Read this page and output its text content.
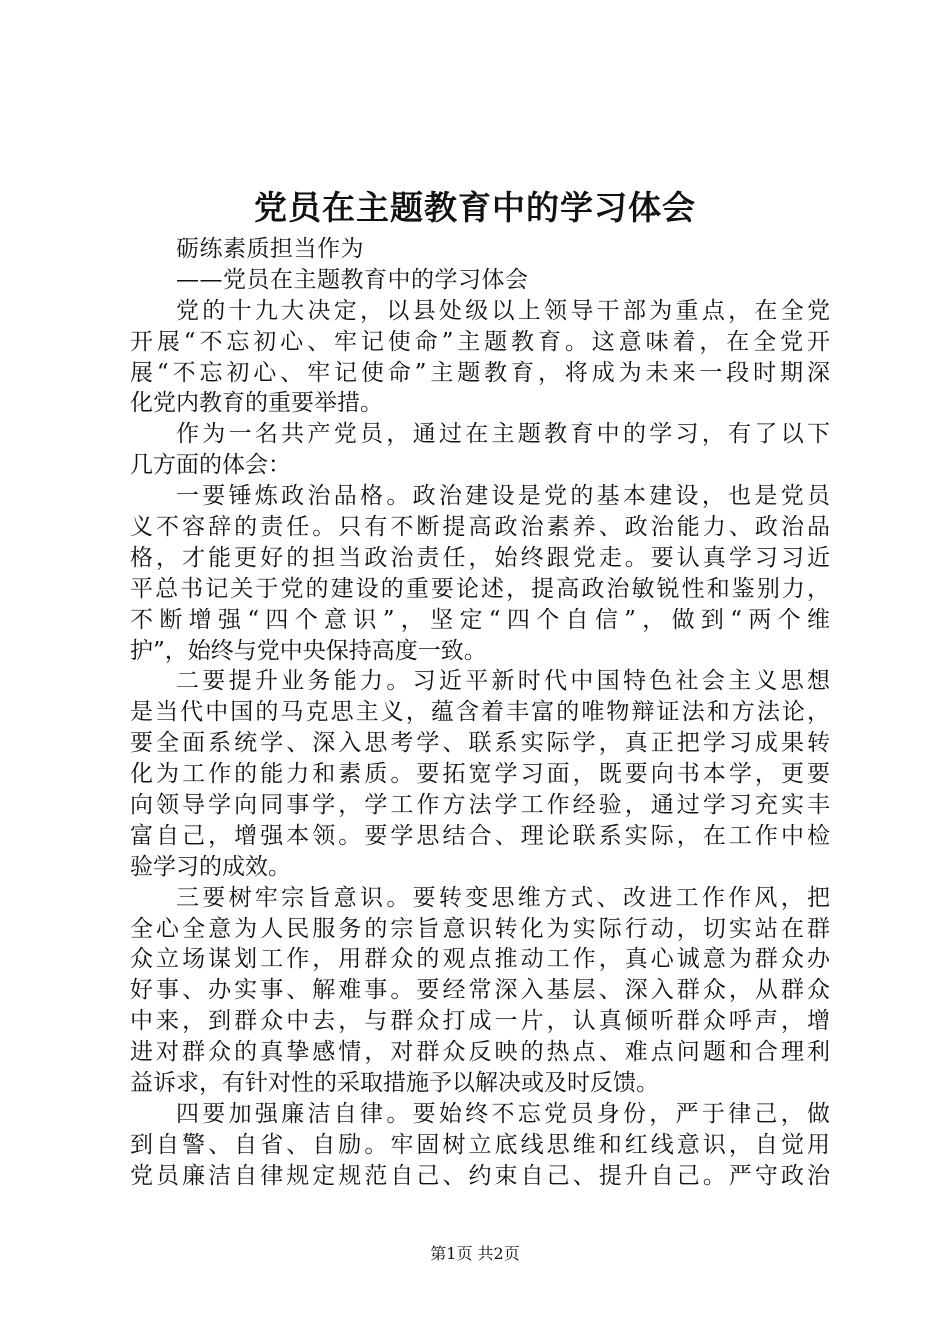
党员在主题教育中的学习体会
砺练素质担当作为
——党员在主题教育中的学习体会
党的十九大决定，以县处级以上领导干部为重点，在全党
开展“不忘初心、牢记使命”主题教育。这意味着，在全党开
展“不忘初心、牢记使命”主题教育，将成为未来一段时期深
化党内教育的重要举措。
作为一名共产党员，通过在主题教育中的学习，有了以下
几方面的体会：
一要锤炼政治品格。政治建设是党的基本建设，也是党员
义不容辞的责任。只有不断提高政治素养、政治能力、政治品
格，才能更好的担当政治责任，始终跟党走。要认真学习习近
平总书记关于党的建设的重要论述，提高政治敏锐性和鉴别力，
不断增强“四个意识”，坚定“四个自信”，做到“两个维
护”，始终与党中央保持高度一致。
二要提升业务能力。习近平新时代中国特色社会主义思想
是当代中国的马克思主义，蕴含着丰富的唯物辩证法和方法论，
要全面系统学、深入思考学、联系实际学，真正把学习成果转
化为工作的能力和素质。要拓宽学习面，既要向书本学，更要
向领导学向同事学，学工作方法学工作经验，通过学习充实丰
富自己，增强本领。要学思结合、理论联系实际，在工作中检
验学习的成效。
三要树牢宗旨意识。要转变思维方式、改进工作作风，把
全心全意为人民服务的宗旨意识转化为实际行动，切实站在群
众立场谋划工作，用群众的观点推动工作，真心诚意为群众办
好事、办实事、解难事。要经常深入基层、深入群众，从群众
中来，到群众中去，与群众打成一片，认真倾听群众呼声，增
进对群众的真挚感情，对群众反映的热点、难点问题和合理利
益诉求，有针对性的采取措施予以解决或及时反馈。
四要加强廉洁自律。要始终不忘党员身份，严于律己，做
到自警、自省、自励。牢固树立底线思维和红线意识，自觉用
党员廉洁自律规定规范自己、约束自己、提升自己。严守政治
第1页 共2页
